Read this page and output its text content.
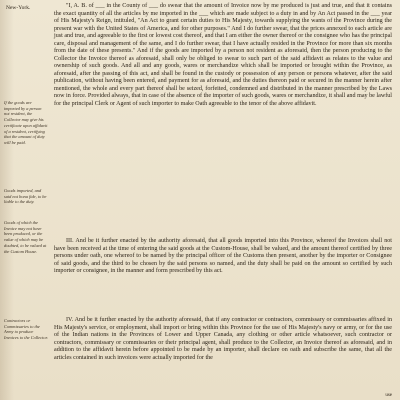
New-York.
If the goods are imported by a person not resident, the Collector may give his certificate upon affidavit of a resident, certifying that the amount of duty will be paid.
Goods imported, and said not bona fide, to be liable to the duty.
Goods of which the Invoice may not have been produced, or the value of which may be doubted, to be valued at the Custom House.
Contractors or Commissaries to the Army to produce Invoices to the Collector.

"I, A. B. of ___ in the County of ___ do swear that the amount of Invoice now by me produced is just and true, and that it contains the exact quantity of all the articles by me imported in the ___ which are made subject to a duty in and by An Act passed in the ___ year of His Majesty's Reign, intituled, "An Act to grant certain duties to His Majesty, towards supplying the wants of the Province during the present war with the United States of America, and for other purposes." And I do further swear, that the prices annexed to each article are just and true, and agreeable to the first or lowest cost thereof, and that I am either the owner thereof or the consignee who has the principal care, disposal and management of the same, and I do further swear, that I have actually resided in the Province for more than six months from the date of these presents." And if the goods are imported by a person not resident as aforesaid, then the person producing to the Collector the Invoice thereof as aforesaid, shall only be obliged to swear to such part of the said affidavit as relates to the value and ownership of such goods. And all and any goods, wares or merchandize which shall be imported or brought within the Province, as aforesaid, after the passing of this act, and shall be found in the custody or possession of any person or persons whatever, after the said publication, without having been entered, and payment for as aforesaid, and the duties thereon paid or secured in the manner herein after mentioned, the whole and every part thereof shall be seized, forfeited, condemned and distributed in the manner prescribed by the Laws now in force. Provided always, that in case of the absence of the importer of such goods, wares or merchandize, it shall and may be lawful for the principal Clerk or Agent of such importer to make Oath agreeable to the tenor of the above affidavit.

III. And be it further enacted by the authority aforesaid, that all goods imported into this Province, whereof the Invoices shall not have been received at the time of entering the said goods at the Custom-House, shall be valued, and the amount thereof certified by three persons under oath, one whereof to be named by the principal officer of the Customs then present, another by the importer or Consignee of said goods, and the third to be chosen by the said persons so named, and the duty shall be paid on the amount so certified by such importer or consignee, in the manner and form prescribed by this act.

IV. And be it further enacted by the authority aforesaid, that if any contractor or contractors, commissary or commissaries affixed in His Majesty's service, or employment, shall import or bring within this Province for the use of His Majesty's navy or army, or for the use of the Indian nations in the Provinces of Lower and Upper Canada, any clothing or other article whatsoever, such contractor or contractors, commissary or commissaries or their principal agent, shall produce to the Collector, an Invoice thereof as aforesaid, and in addition to the affidavit herein before appointed to be made by an importer, shall declare on oath and subscribe the same, that all the articles contained in such invoices were actually imported for the

use
